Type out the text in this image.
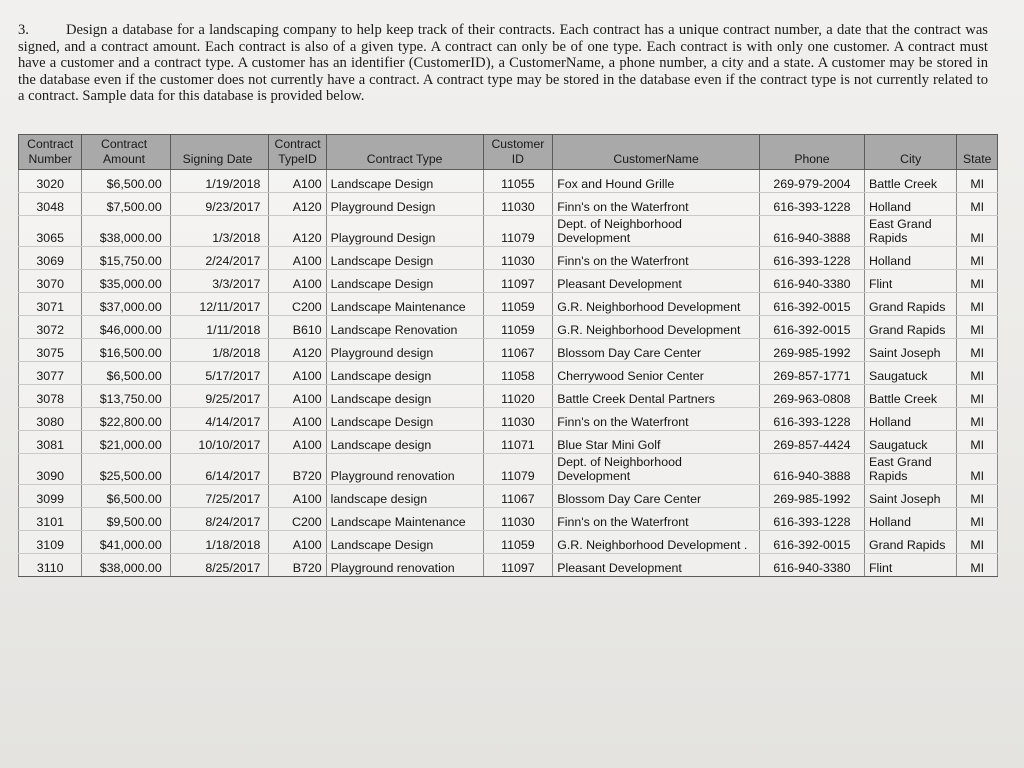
3.	Design a database for a landscaping company to help keep track of their contracts. Each contract has a unique contract number, a date that the contract was signed, and a contract amount. Each contract is also of a given type. A contract can only be of one type. Each contract is with only one customer. A contract must have a customer and a contract type. A customer has an identifier (CustomerID), a CustomerName, a phone number, a city and a state. A customer may be stored in the database even if the customer does not currently have a contract. A contract type may be stored in the database even if the contract type is not currently related to a contract. Sample data for this database is provided below.
Contract Number	Contract Amount	Signing Date	Contract TypeID	Contract Type	Customer ID	CustomerName	Phone	City	State
3020	$6,500.00	1/19/2018	A100	Landscape Design	11055	Fox and Hound Grille	269-979-2004	Battle Creek	MI
3048	$7,500.00	9/23/2017	A120	Playground Design	11030	Finn's on the Waterfront	616-393-1228	Holland	MI
3065	$38,000.00	1/3/2018	A120	Playground Design	11079	Dept. of Neighborhood Development	616-940-3888	East Grand Rapids	MI
3069	$15,750.00	2/24/2017	A100	Landscape Design	11030	Finn's on the Waterfront	616-393-1228	Holland	MI
3070	$35,000.00	3/3/2017	A100	Landscape Design	11097	Pleasant Development	616-940-3380	Flint	MI
3071	$37,000.00	12/11/2017	C200	Landscape Maintenance	11059	G.R. Neighborhood Development	616-392-0015	Grand Rapids	MI
3072	$46,000.00	1/11/2018	B610	Landscape Renovation	11059	G.R. Neighborhood Development	616-392-0015	Grand Rapids	MI
3075	$16,500.00	1/8/2018	A120	Playground design	11067	Blossom Day Care Center	269-985-1992	Saint Joseph	MI
3077	$6,500.00	5/17/2017	A100	Landscape design	11058	Cherrywood Senior Center	269-857-1771	Saugatuck	MI
3078	$13,750.00	9/25/2017	A100	Landscape design	11020	Battle Creek Dental Partners	269-963-0808	Battle Creek	MI
3080	$22,800.00	4/14/2017	A100	Landscape Design	11030	Finn's on the Waterfront	616-393-1228	Holland	MI
3081	$21,000.00	10/10/2017	A100	Landscape design	11071	Blue Star Mini Golf	269-857-4424	Saugatuck	MI
3090	$25,500.00	6/14/2017	B720	Playground renovation	11079	Dept. of Neighborhood Development	616-940-3888	East Grand Rapids	MI
3099	$6,500.00	7/25/2017	A100	landscape design	11067	Blossom Day Care Center	269-985-1992	Saint Joseph	MI
3101	$9,500.00	8/24/2017	C200	Landscape Maintenance	11030	Finn's on the Waterfront	616-393-1228	Holland	MI
3109	$41,000.00	1/18/2018	A100	Landscape Design	11059	G.R. Neighborhood Development .	616-392-0015	Grand Rapids	MI
3110	$38,000.00	8/25/2017	B720	Playground renovation	11097	Pleasant Development	616-940-3380	Flint	MI
